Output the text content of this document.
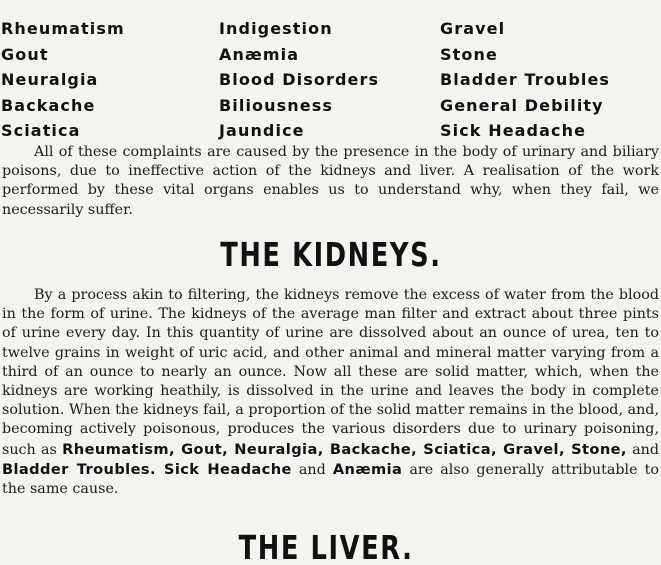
Rheumatism
Gout
Neuralgia
Backache
Sciatica
Indigestion
Anæmia
Blood Disorders
Biliousness
Jaundice
Gravel
Stone
Bladder Troubles
General Debility
Sick Headache

All of these complaints are caused by the presence in the body of urinary and biliary poisons, due to ineffective action of the kidneys and liver. A realisation of the work performed by these vital organs enables us to understand why, when they fail, we necessarily suffer.

THE KIDNEYS.

By a process akin to filtering, the kidneys remove the excess of water from the blood in the form of urine. The kidneys of the average man filter and extract about three pints of urine every day. In this quantity of urine are dissolved about an ounce of urea, ten to twelve grains in weight of uric acid, and other animal and mineral matter varying from a third of an ounce to nearly an ounce. Now all these are solid matter, which, when the kidneys are working heathily, is dissolved in the urine and leaves the body in complete solution. When the kidneys fail, a proportion of the solid matter remains in the blood, and, becoming actively poisonous, produces the various disorders due to urinary poisoning, such as Rheumatism, Gout, Neuralgia, Backache, Sciatica, Gravel, Stone, and Bladder Troubles. Sick Headache and Anæmia are also generally attributable to the same cause.

THE LIVER.
